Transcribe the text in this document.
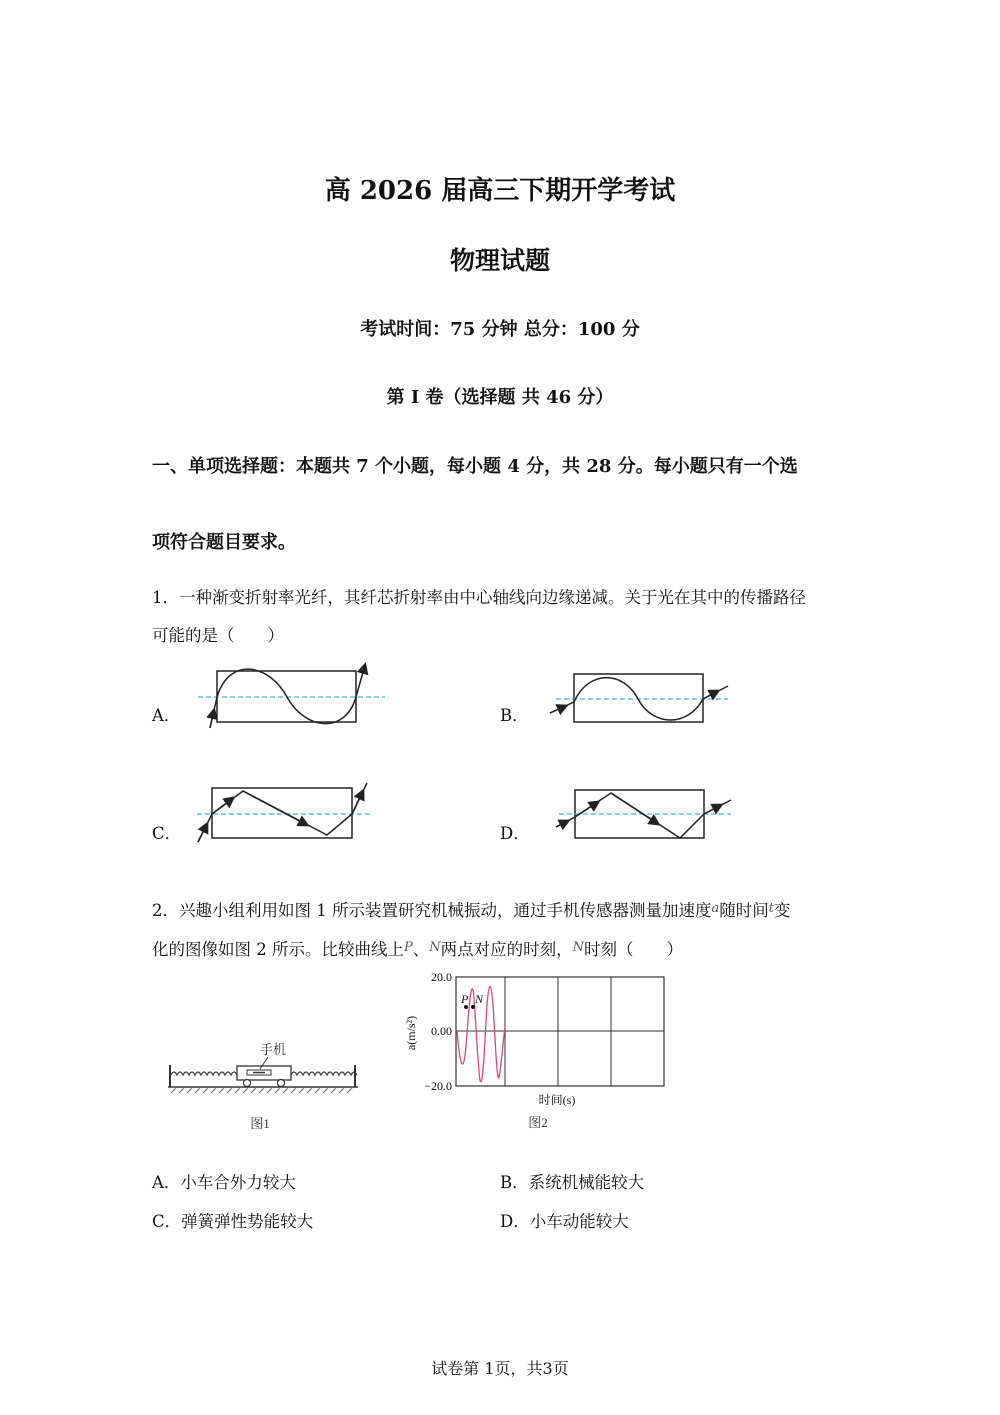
高 2026 届高三下期开学考试
物理试题
考试时间：75 分钟 总分：100 分
第 I 卷（选择题 共 46 分）
一、单项选择题：本题共 7 个小题，每小题 4 分，共 28 分。每小题只有一个选
项符合题目要求。
1．一种渐变折射率光纤，其纤芯折射率由中心轴线向边缘递减。关于光在其中的传播路径
可能的是（　　）
A．	B．
C．	D．
2．兴趣小组利用如图 1 所示装置研究机械振动，通过手机传感器测量加速度$^a$随时间$^t$变
化的图像如图 2 所示。比较曲线上$^P$、$^N$两点对应的时刻，$^N$时刻（　　）
手机
图1
P N
20.0
0.00
−20.0
a(m/s²)
时间(s)
图2
A．小车合外力较大	B．系统机械能较大
C．弹簧弹性势能较大	D．小车动能较大
试卷第 1页，共3页
